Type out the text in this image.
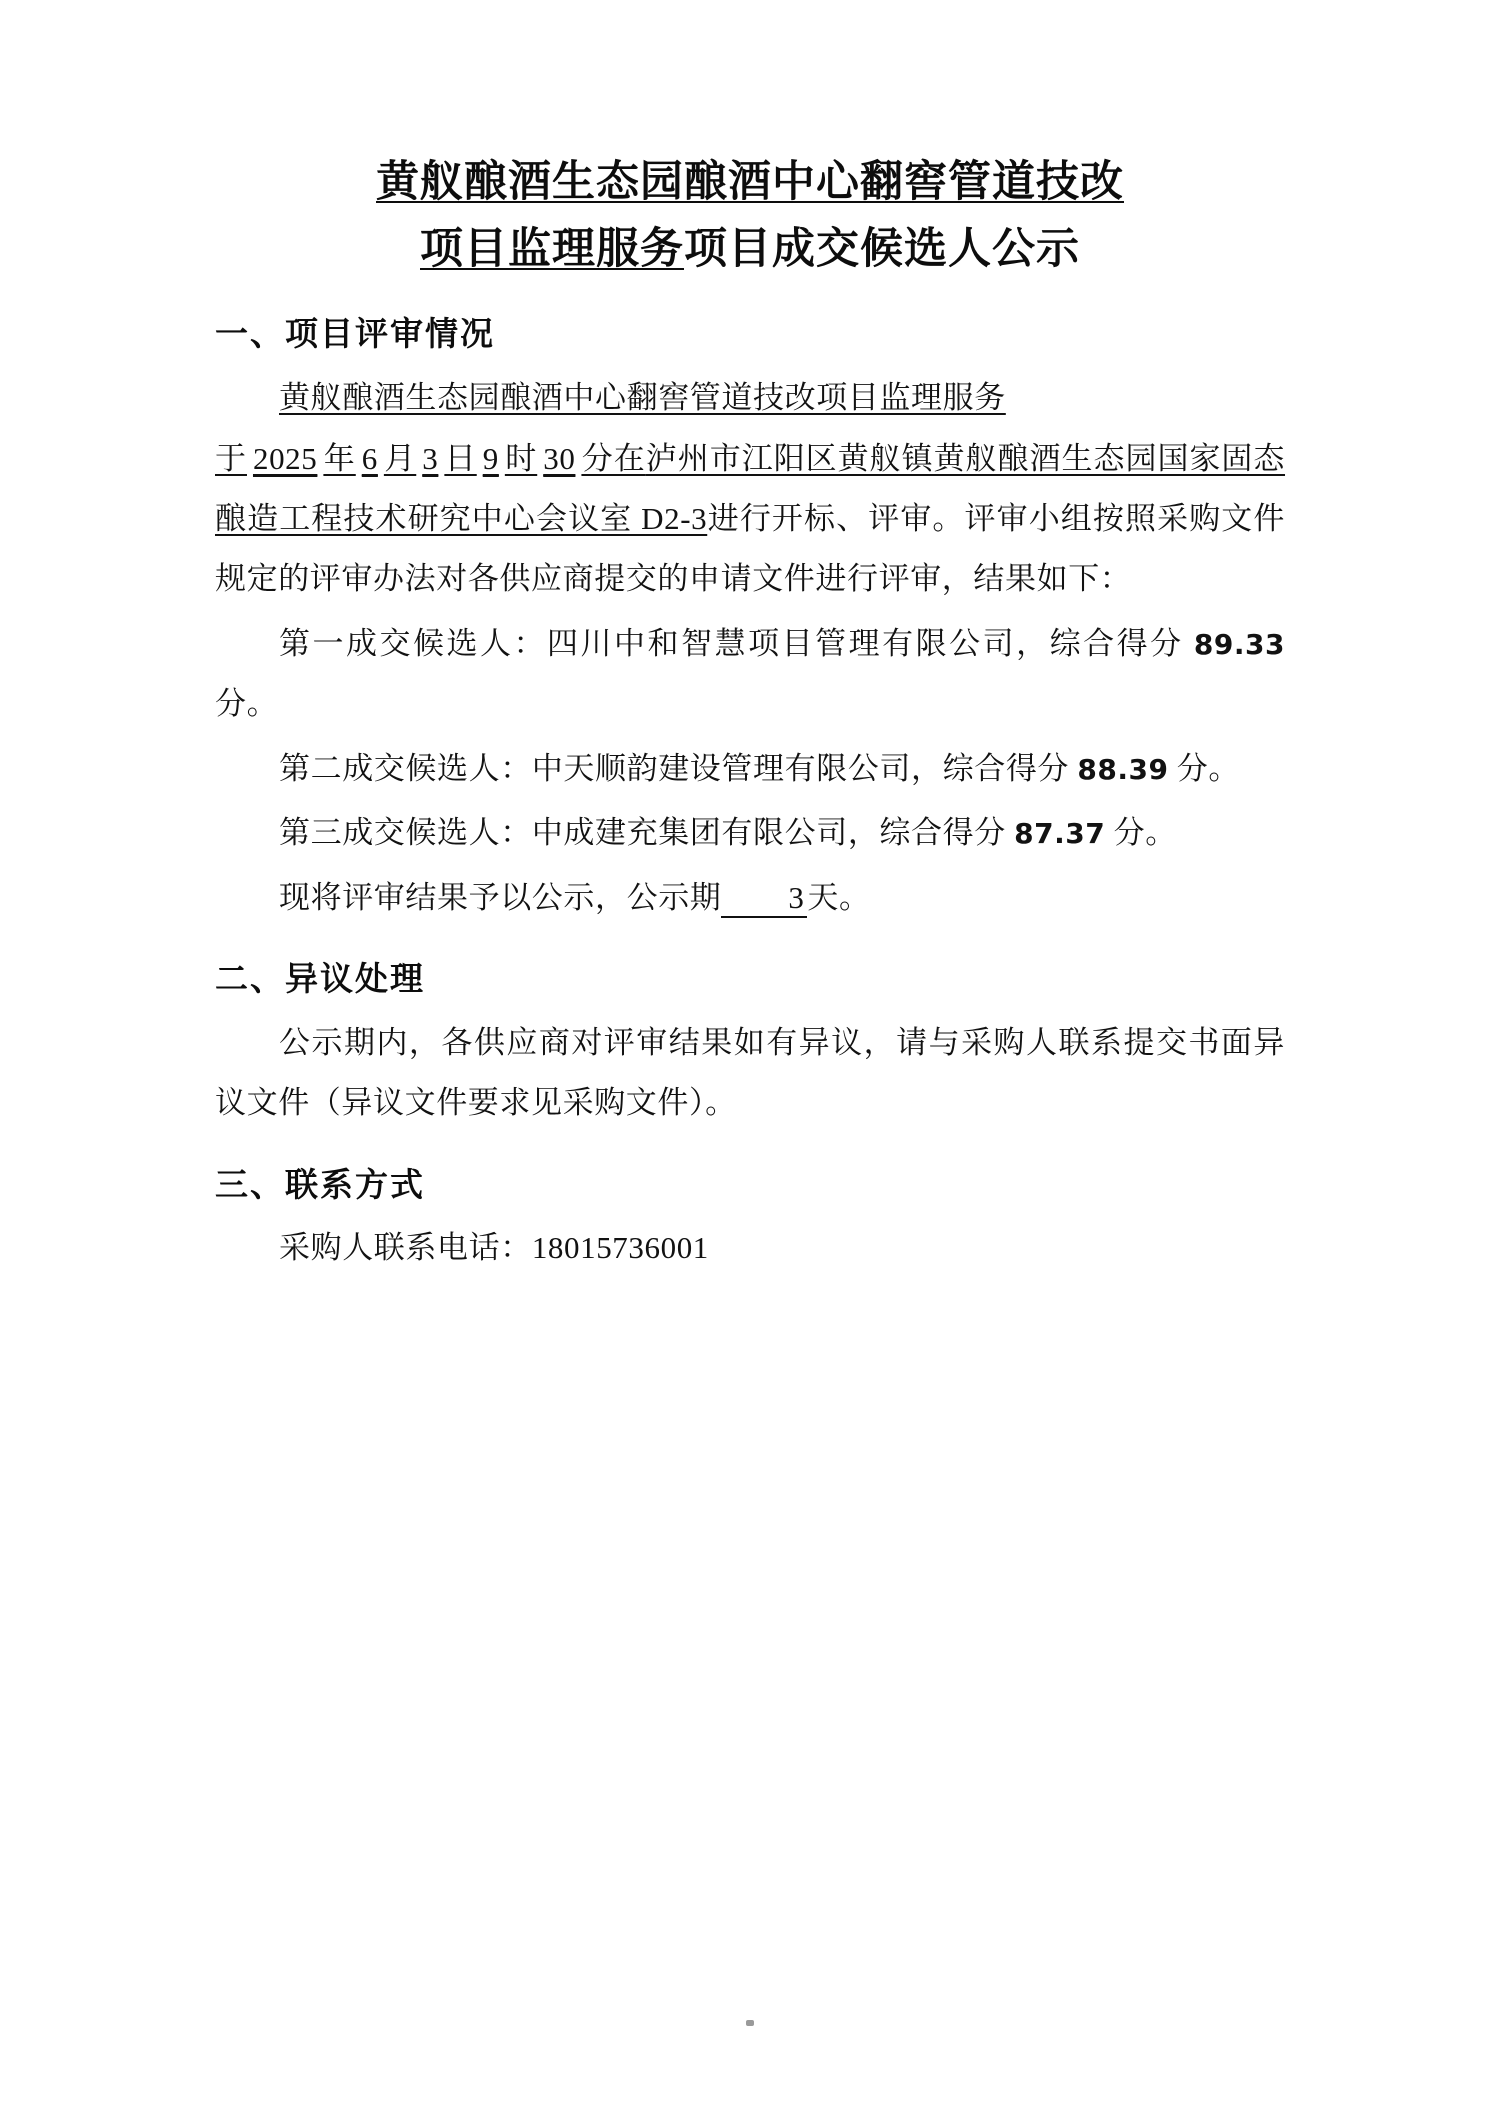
黄舣酿酒生态园酿酒中心翻窖管道技改
项目监理服务项目成交候选人公示
一、项目评审情况

黄舣酿酒生态园酿酒中心翻窖管道技改项目监理服务
于 2025 年 6 月 3 日 9 时 30 分在泸州市江阳区黄舣镇黄舣酿酒生态园国家固态酿造工程技术研究中心会议室 D2-3进行开标、评审。评审小组按照采购文件规定的评审办法对各供应商提交的申请文件进行评审，结果如下：

第一成交候选人：四川中和智慧项目管理有限公司，综合得分 89.33 分。

第二成交候选人：中天顺韵建设管理有限公司，综合得分 88.39 分。

第三成交候选人：中成建充集团有限公司，综合得分 87.37 分。

现将评审结果予以公示，公示期 3天。

二、异议处理

公示期内，各供应商对评审结果如有异议，请与采购人联系提交书面异议文件（异议文件要求见采购文件）。

三、联系方式

采购人联系电话：18015736001
